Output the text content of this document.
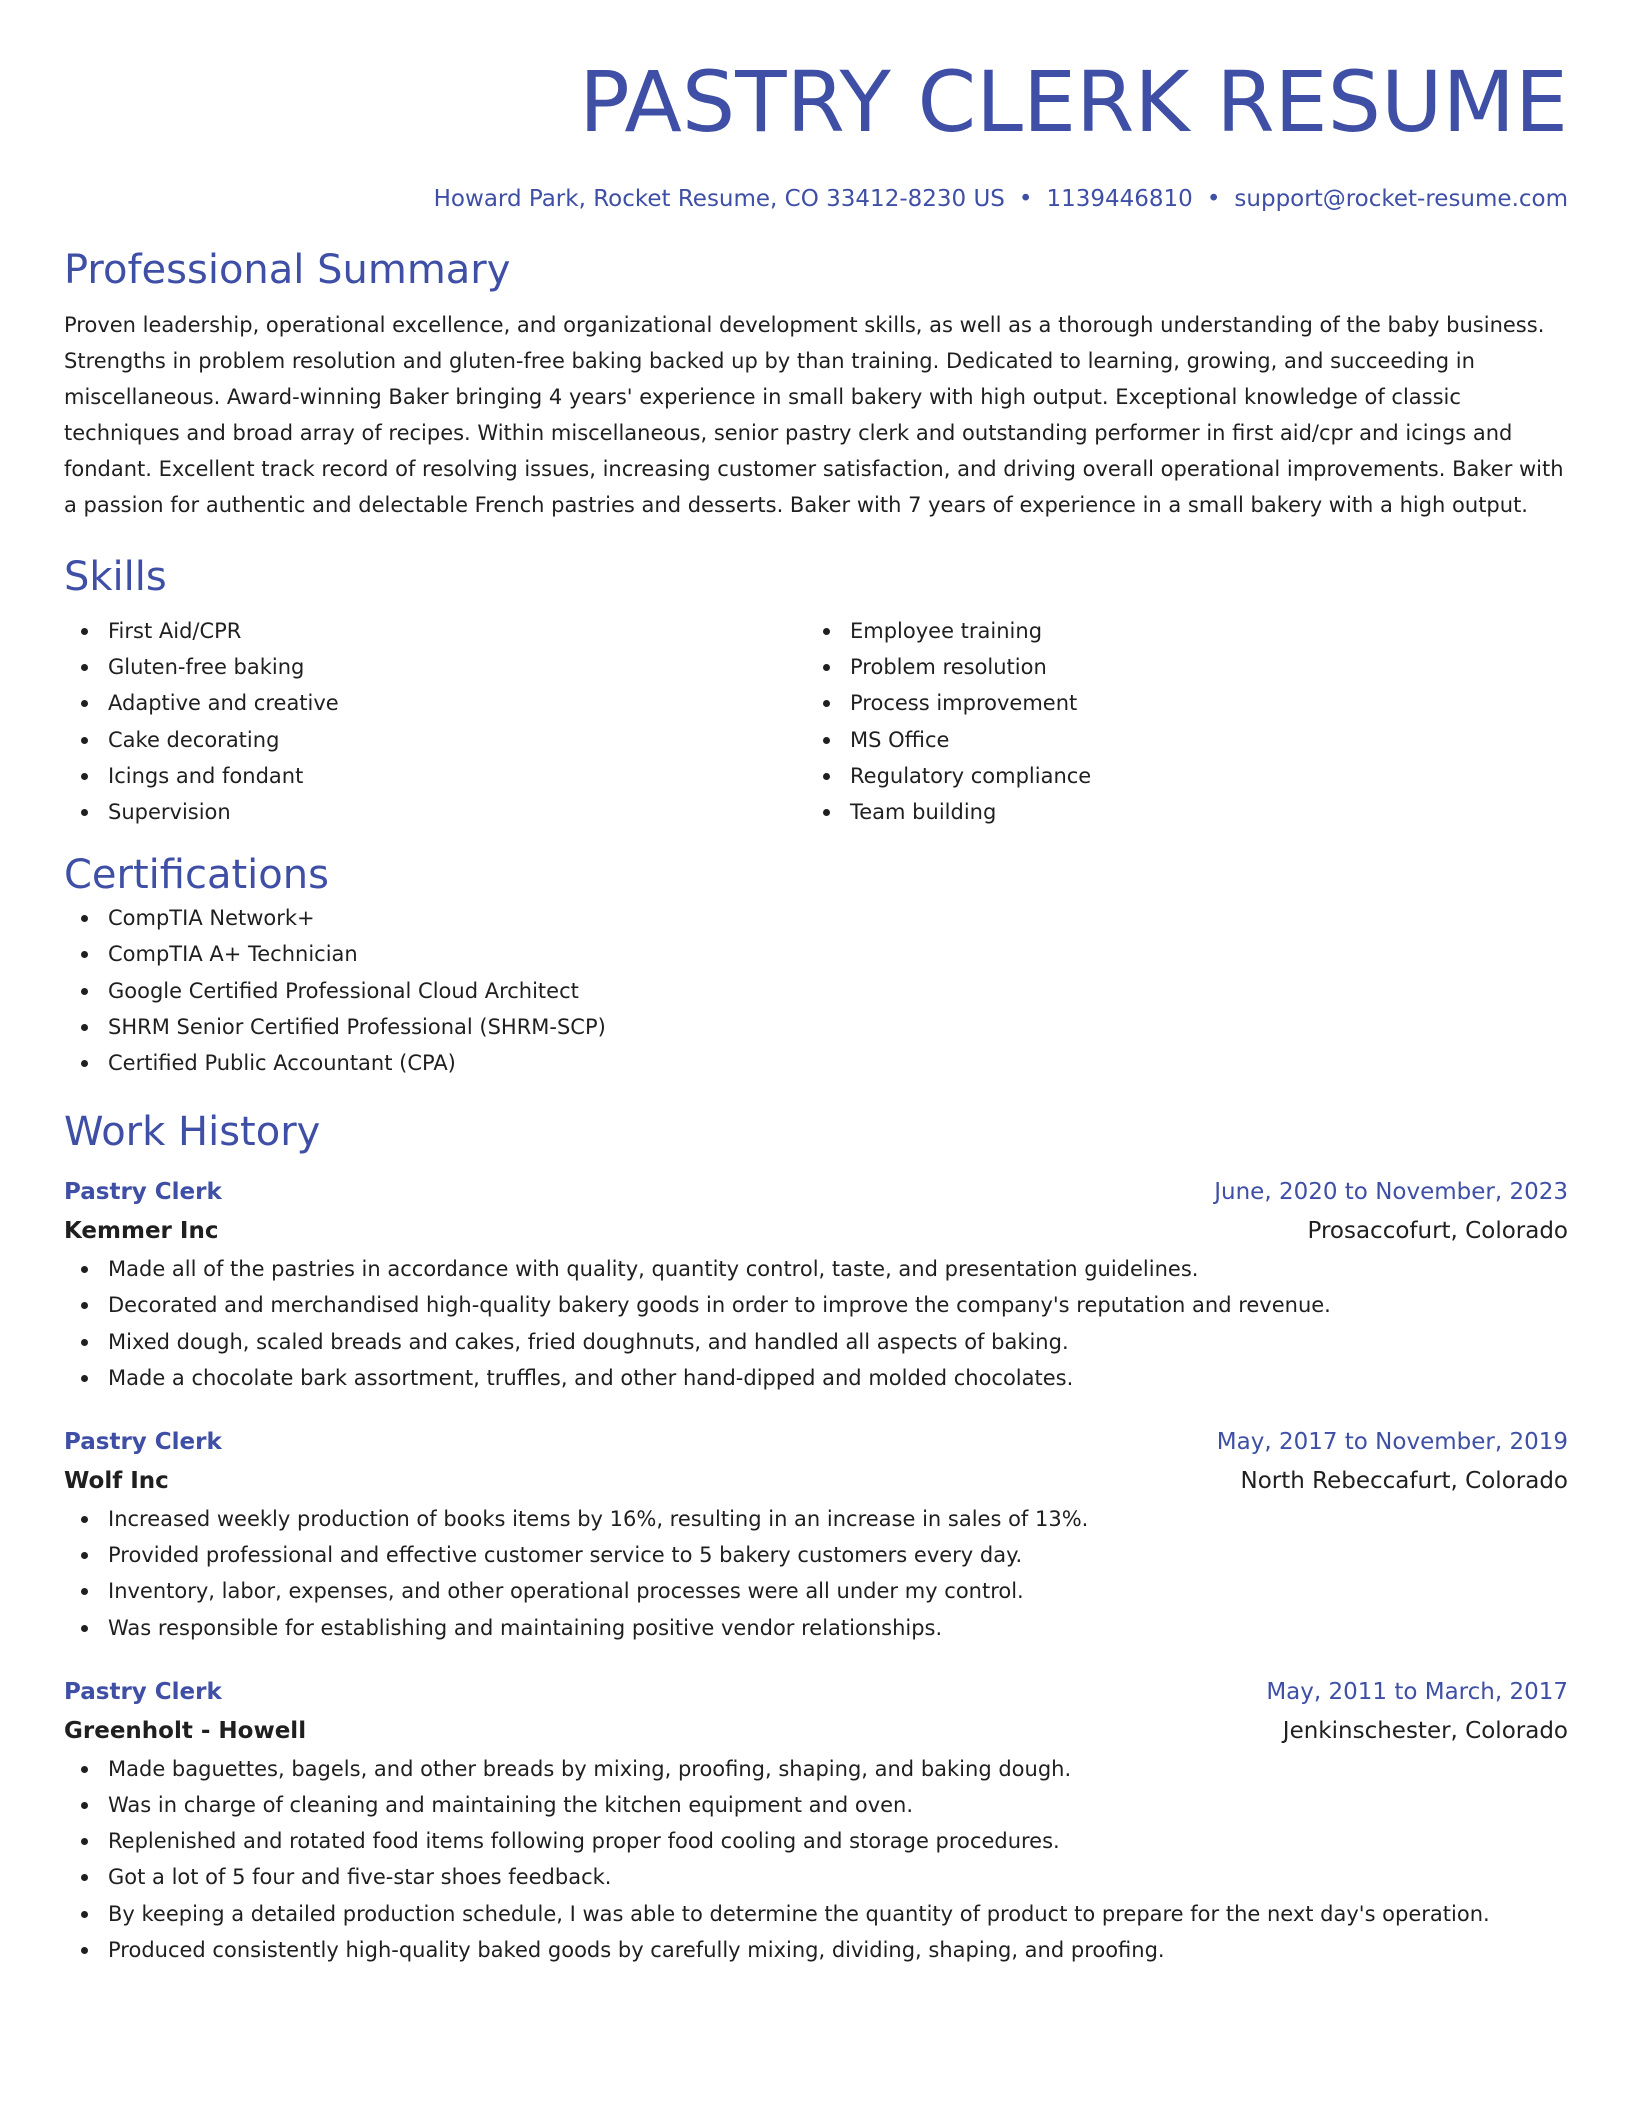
PASTRY CLERK RESUME
Howard Park, Rocket Resume, CO 33412-8230 US • 1139446810 • support@rocket-resume.com
Professional Summary
Proven leadership, operational excellence, and organizational development skills, as well as a thorough understanding of the baby business. Strengths in problem resolution and gluten-free baking backed up by than training. Dedicated to learning, growing, and succeeding in miscellaneous. Award-winning Baker bringing 4 years' experience in small bakery with high output. Exceptional knowledge of classic techniques and broad array of recipes. Within miscellaneous, senior pastry clerk and outstanding performer in first aid/cpr and icings and fondant. Excellent track record of resolving issues, increasing customer satisfaction, and driving overall operational improvements. Baker with a passion for authentic and delectable French pastries and desserts. Baker with 7 years of experience in a small bakery with a high output.
Skills
First Aid/CPR
Gluten-free baking
Adaptive and creative
Cake decorating
Icings and fondant
Supervision
Employee training
Problem resolution
Process improvement
MS Office
Regulatory compliance
Team building
Certifications
CompTIA Network+
CompTIA A+ Technician
Google Certified Professional Cloud Architect
SHRM Senior Certified Professional (SHRM-SCP)
Certified Public Accountant (CPA)
Work History
Pastry Clerk	June, 2020 to November, 2023
Kemmer Inc	Prosaccofurt, Colorado
Made all of the pastries in accordance with quality, quantity control, taste, and presentation guidelines.
Decorated and merchandised high-quality bakery goods in order to improve the company's reputation and revenue.
Mixed dough, scaled breads and cakes, fried doughnuts, and handled all aspects of baking.
Made a chocolate bark assortment, truffles, and other hand-dipped and molded chocolates.
Pastry Clerk	May, 2017 to November, 2019
Wolf Inc	North Rebeccafurt, Colorado
Increased weekly production of books items by 16%, resulting in an increase in sales of 13%.
Provided professional and effective customer service to 5 bakery customers every day.
Inventory, labor, expenses, and other operational processes were all under my control.
Was responsible for establishing and maintaining positive vendor relationships.
Pastry Clerk	May, 2011 to March, 2017
Greenholt - Howell	Jenkinschester, Colorado
Made baguettes, bagels, and other breads by mixing, proofing, shaping, and baking dough.
Was in charge of cleaning and maintaining the kitchen equipment and oven.
Replenished and rotated food items following proper food cooling and storage procedures.
Got a lot of 5 four and five-star shoes feedback.
By keeping a detailed production schedule, I was able to determine the quantity of product to prepare for the next day's operation.
Produced consistently high-quality baked goods by carefully mixing, dividing, shaping, and proofing.
